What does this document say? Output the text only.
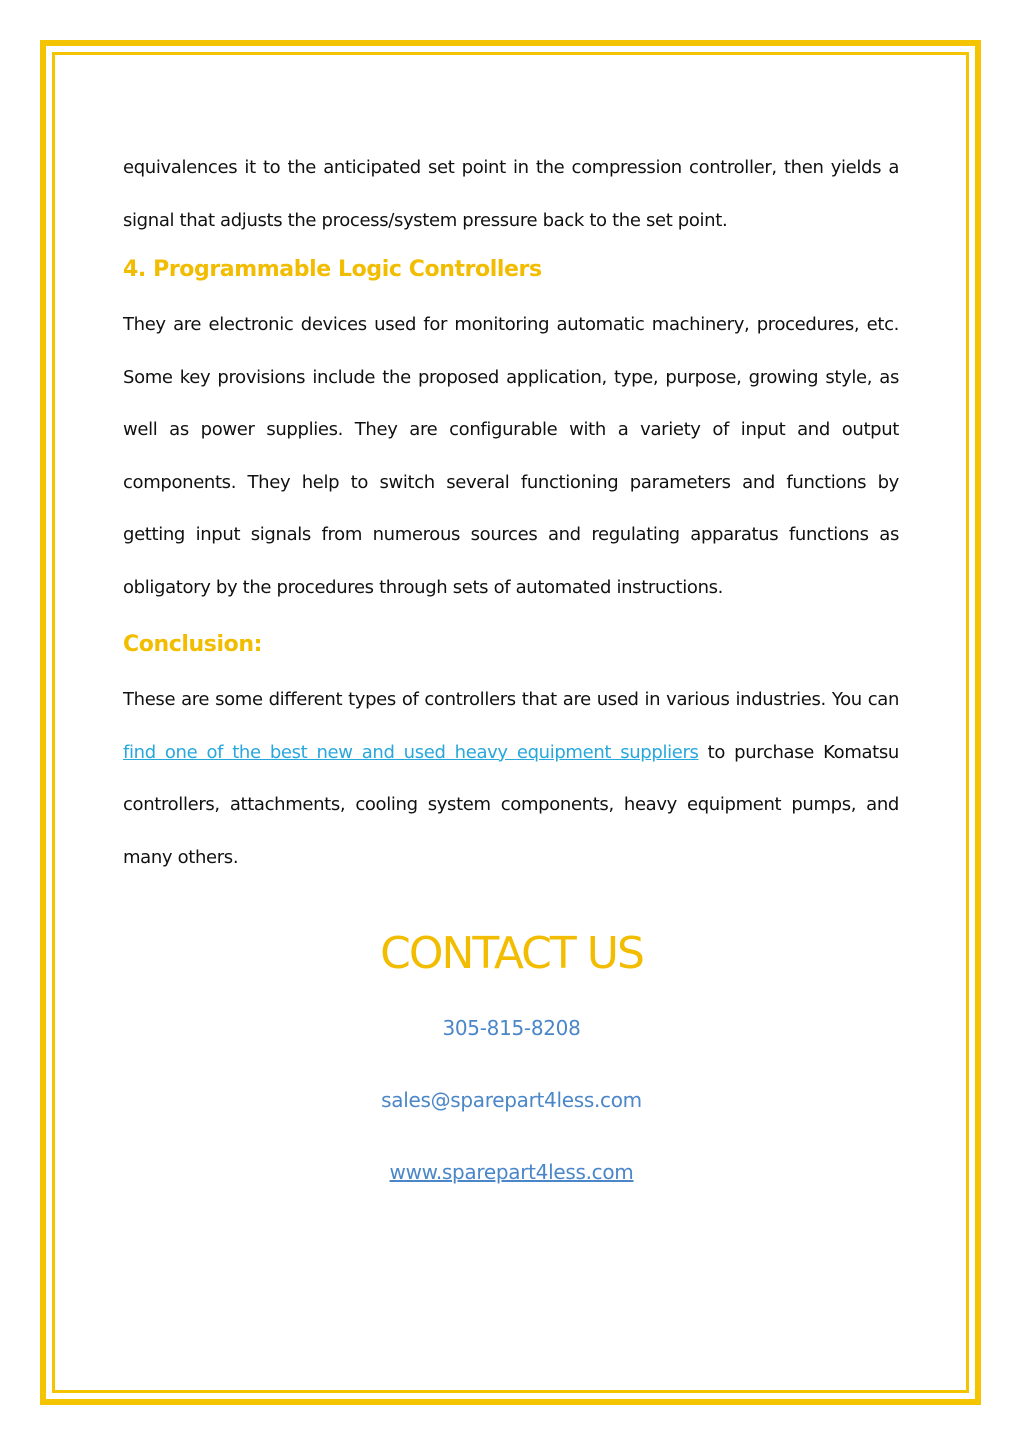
equivalences it to the anticipated set point in the compression controller, then yields a signal that adjusts the process/system pressure back to the set point.

4. Programmable Logic Controllers

They are electronic devices used for monitoring automatic machinery, procedures, etc. Some key provisions include the proposed application, type, purpose, growing style, as well as power supplies. They are configurable with a variety of input and output components. They help to switch several functioning parameters and functions by getting input signals from numerous sources and regulating apparatus functions as obligatory by the procedures through sets of automated instructions.

Conclusion:

These are some different types of controllers that are used in various industries. You can find one of the best new and used heavy equipment suppliers to purchase Komatsu controllers, attachments, cooling system components, heavy equipment pumps, and many others.

CONTACT US
305-815-8208
sales@sparepart4less.com
www.sparepart4less.com
